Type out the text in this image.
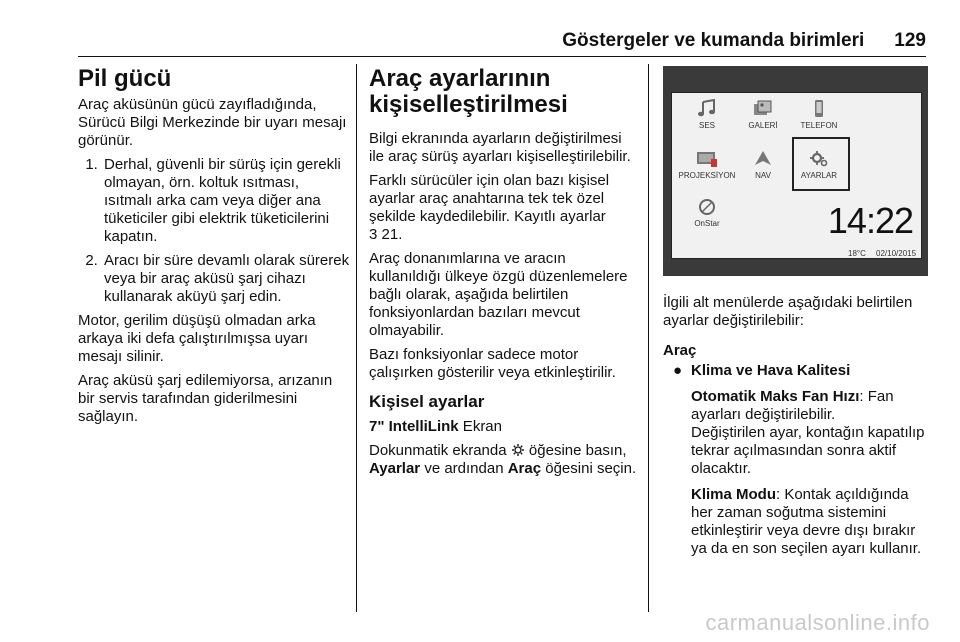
Göstergeler ve kumanda birimleri 129
Pil gücü

Araç aküsünün gücü zayıfladığında, Sürücü Bilgi Merkezinde bir uyarı mesajı görünür.

1. Derhal, güvenli bir sürüş için gerekli olmayan, örn. koltuk ısıtması, ısıtmalı arka cam veya diğer ana tüketiciler gibi elektrik tüketicilerini kapatın.
2. Aracı bir süre devamlı olarak sürerek veya bir araç aküsü şarj cihazı kullanarak aküyü şarj edin.

Motor, gerilim düşüşü olmadan arka arkaya iki defa çalıştırılmışsa uyarı mesajı silinir.

Araç aküsü şarj edilemiyorsa, arızanın bir servis tarafından giderilmesini sağlayın.

Araç ayarlarının kişiselleştirilmesi

Bilgi ekranında ayarların değiştirilmesi ile araç sürüş ayarları kişiselleştirilebilir.

Farklı sürücüler için olan bazı kişisel ayarlar araç anahtarına tek tek özel şekilde kaydedilebilir. Kayıtlı ayarlar
3 21.

Araç donanımlarına ve aracın kullanıldığı ülkeye özgü düzenlemelere bağlı olarak, aşağıda belirtilen fonksiyonlardan bazıları mevcut olmayabilir.

Bazı fonksiyonlar sadece motor çalışırken gösterilir veya etkinleştirilir.

Kişisel ayarlar

7" IntelliLink Ekran

Dokunmatik ekranda  öğesine basın, Ayarlar ve ardından Araç öğesini seçin.

SES	GALERİ	TELEFON
PROJEKSİYON	NAV	AYARLAR
OnStar	14:22
18°C 02/10/2015

İlgili alt menülerde aşağıdaki belirtilen ayarlar değiştirilebilir:

Araç

● Klima ve Hava Kalitesi

Otomatik Maks Fan Hızı: Fan ayarları değiştirilebilir.

Değiştirilen ayar, kontağın kapatılıp tekrar açılmasından sonra aktif olacaktır.

Klima Modu: Kontak açıldığında her zaman soğutma sistemini etkinleştirir veya devre dışı bırakır ya da en son seçilen ayarı kullanır.

carmanualsonline.info
